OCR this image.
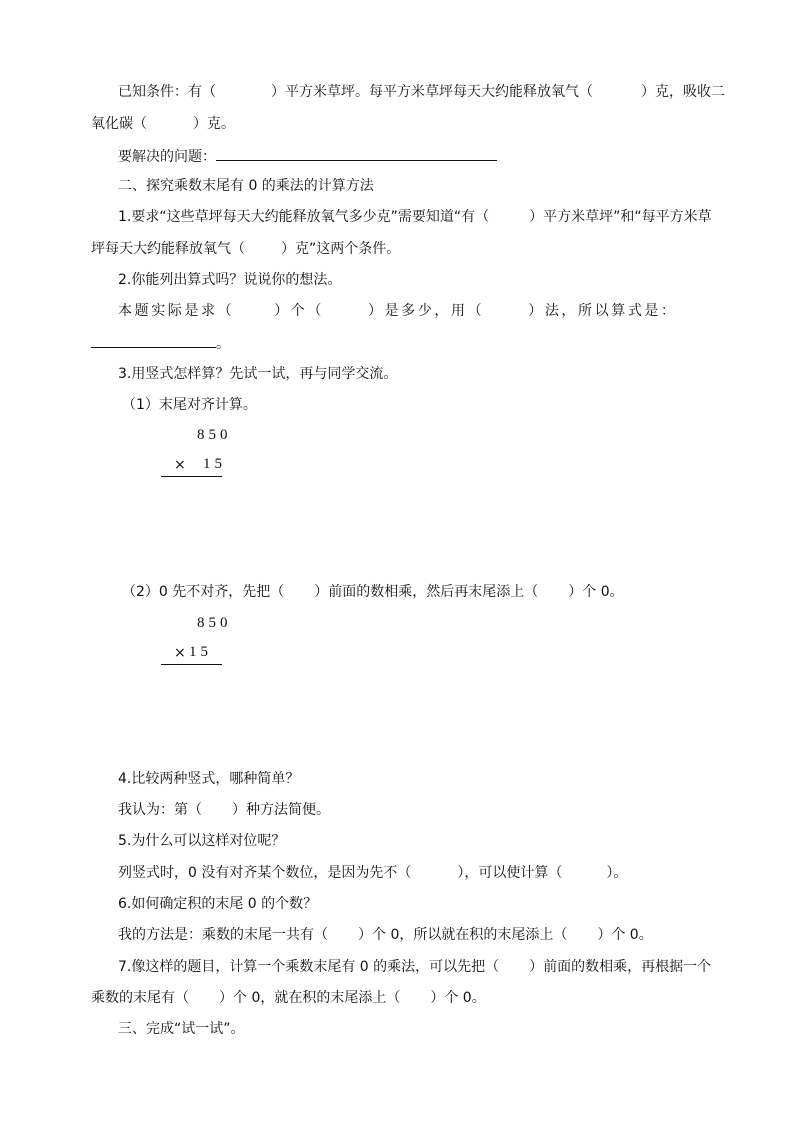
已知条件：有（	）平方米草坪。每平方米草坪每天大约能释放氧气（	）克，吸收二
氧化碳（	）克。
要解决的问题：
二、探究乘数末尾有 0 的乘法的计算方法
1.要求“这些草坪每天大约能释放氧气多少克”需要知道“有（	）平方米草坪”和“每平方米草
坪每天大约能释放氧气（	）克”这两个条件。
2.你能列出算式吗？说说你的想法。
本题实际是求（	）个（	）是多少，用（	）法，所以算式是：
。
3.用竖式怎样算？先试一试，再与同学交流。
（1）末尾对齐计算。
850
× 15
（2）0 先不对齐，先把（ ）前面的数相乘，然后再末尾添上（ ）个 0。
850
× 15
4.比较两种竖式，哪种简单？
我认为：第（ ）种方法简便。
5.为什么可以这样对位呢？
列竖式时，0 没有对齐某个数位，是因为先不（	），可以使计算（	）。
6.如何确定积的末尾 0 的个数？
我的方法是：乘数的末尾一共有（ ）个 0，所以就在积的末尾添上（ ）个 0。
7.像这样的题目，计算一个乘数末尾有 0 的乘法，可以先把（ ）前面的数相乘，再根据一个
乘数的末尾有（ ）个 0，就在积的末尾添上（ ）个 0。
三、完成“试一试”。
